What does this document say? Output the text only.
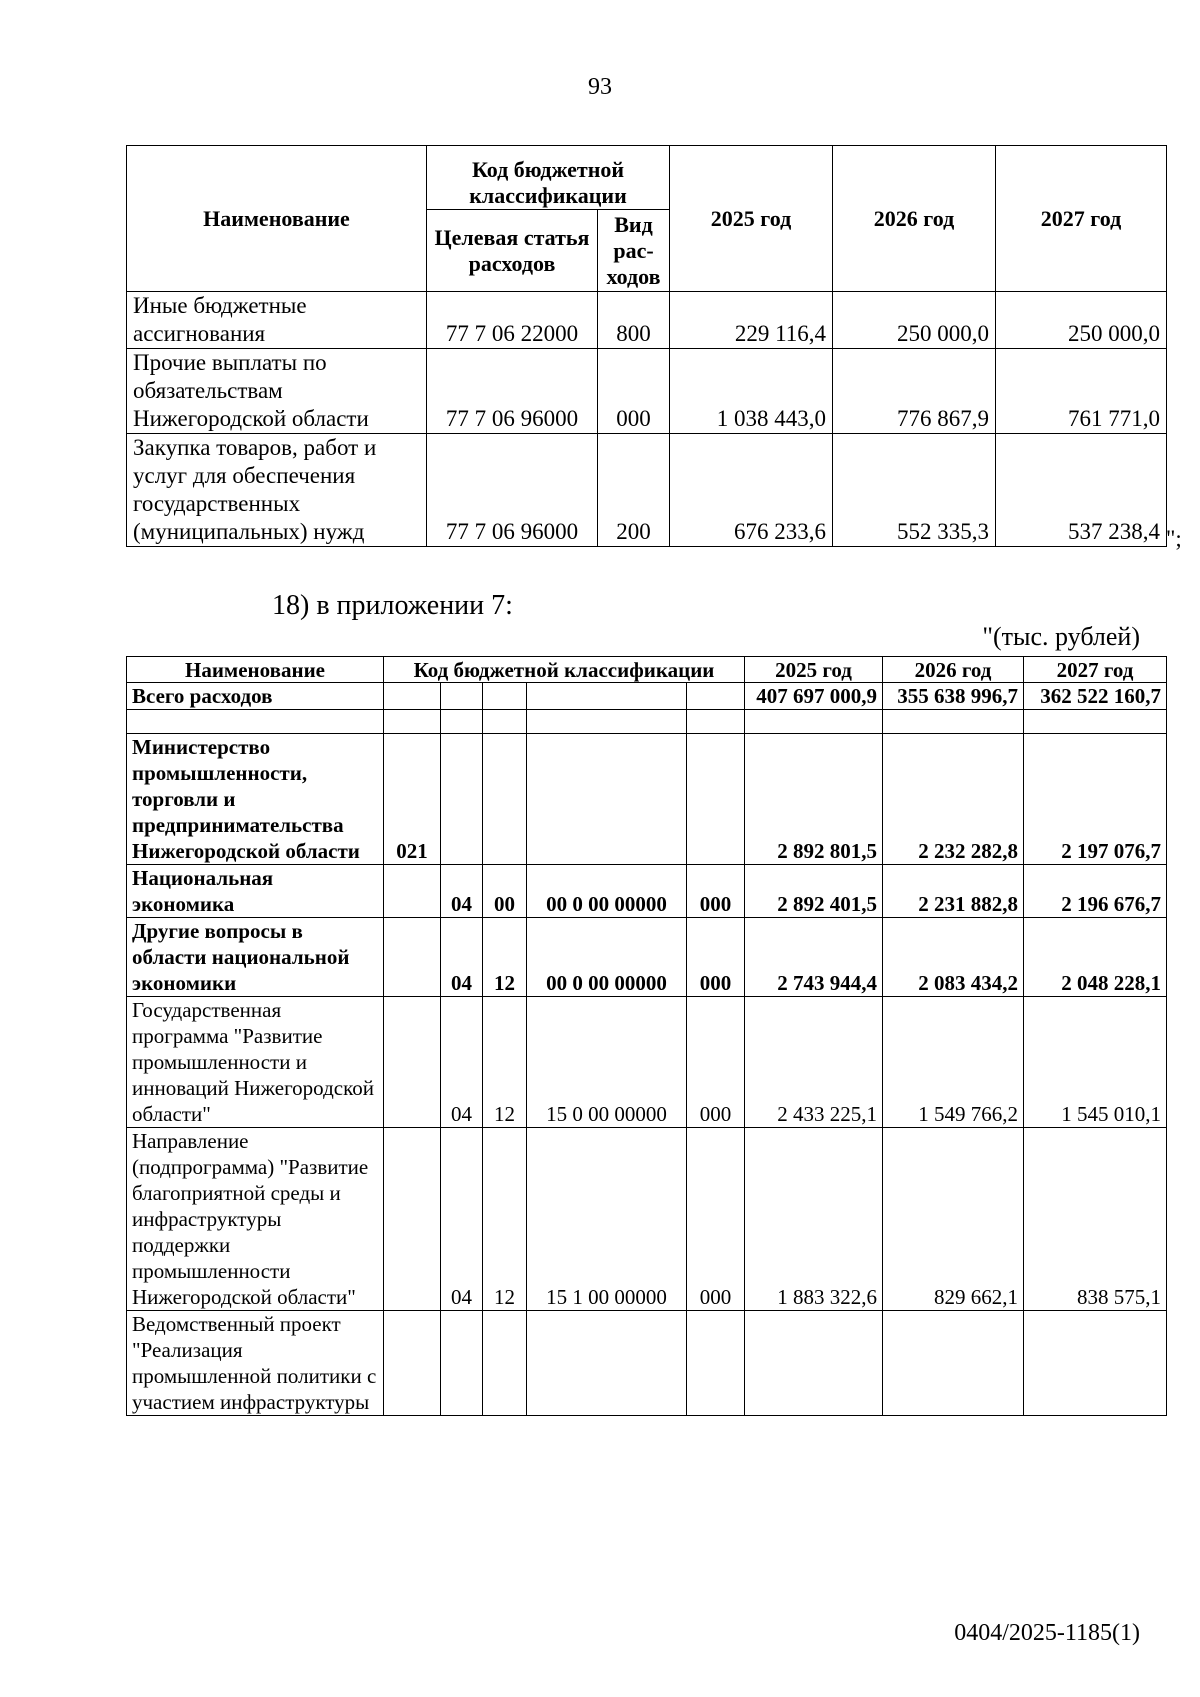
93
Наименование	Код бюджетной классификации		2025 год	2026 год	2027 год
	Целевая статья расходов	Вид рас-ходов			
Иные бюджетные ассигнования	77 7 06 22000	800	229 116,4	250 000,0	250 000,0
Прочие выплаты по обязательствам Нижегородской области	77 7 06 96000	000	1 038 443,0	776 867,9	761 771,0
Закупка товаров, работ и услуг для обеспечения государственных (муниципальных) нужд	77 7 06 96000	200	676 233,6	552 335,3	537 238,4 ";
18) в приложении 7:
"(тыс. рублей)
Наименование	Код бюджетной классификации					2025 год	2026 год	2027 год
Всего расходов						407 697 000,9	355 638 996,7	362 522 160,7

Министерство промышленности, торговли и предпринимательства Нижегородской области	021					2 892 801,5	2 232 282,8	2 197 076,7
Национальная экономика		04	00	00 0 00 00000	000	2 892 401,5	2 231 882,8	2 196 676,7
Другие вопросы в области национальной экономики		04	12	00 0 00 00000	000	2 743 944,4	2 083 434,2	2 048 228,1
Государственная программа "Развитие промышленности и инноваций Нижегородской области"		04	12	15 0 00 00000	000	2 433 225,1	1 549 766,2	1 545 010,1
Направление (подпрограмма) "Развитие благоприятной среды и инфраструктуры поддержки промышленности Нижегородской области"		04	12	15 1 00 00000	000	1 883 322,6	829 662,1	838 575,1
Ведомственный проект "Реализация промышленной политики с участием инфраструктуры								
0404/2025-1185(1)
